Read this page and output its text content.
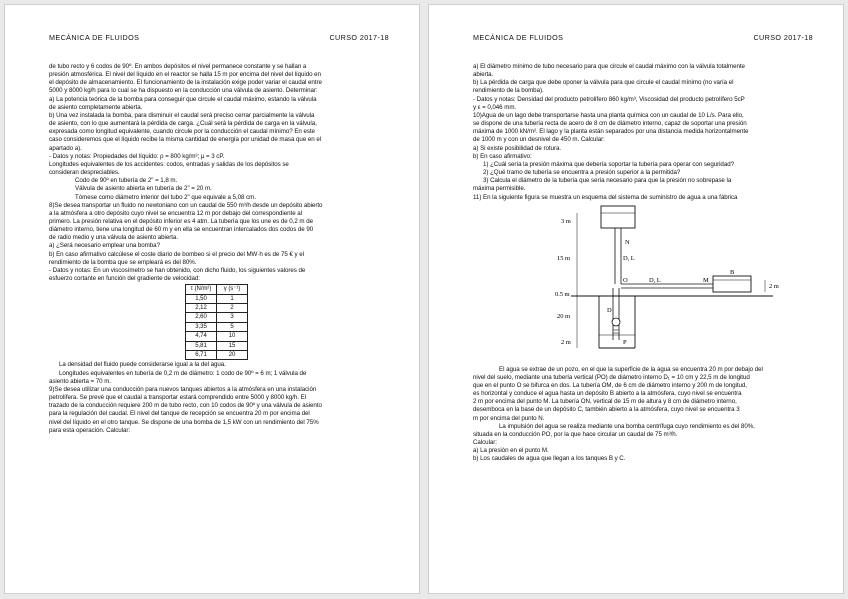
MECÁNICA DE FLUIDOS	CURSO 2017-18

de tubo recto y 6 codos de 90º. En ambos depósitos el nivel permanece constante y se hallan a

presión atmosférica. El nivel del líquido en el reactor se halla 15 m por encima del nivel del líquido en

el depósito de almacenamiento. El funcionamiento de la instalación exige poder variar el caudal entre

5000 y 8000 kg/h para lo cual se ha dispuesto en la conducción una válvula de asiento. Determinar:

a) La potencia teórica de la bomba para conseguir que circule el caudal máximo, estando la válvula

de asiento completamente abierta.

b) Una vez instalada la bomba, para disminuir el caudal será preciso cerrar parcialmente la válvula

de asiento, con lo que aumentará la pérdida de carga. ¿Cuál será la pérdida de carga en la válvula,

expresada como longitud equivalente, cuando circule por la conducción el caudal mínimo? En este

caso consideremos que el líquido recibe la misma cantidad de energía por unidad de masa que en el

apartado a).

- Datos y notas: Propiedades del líquido: ρ = 800 kg/m³; μ = 3 cP.

Longitudes equivalentes de los accidentes: codos, entradas y salidas de los depósitos se

consideran despreciables.

Codo de 90º en tubería de 2" = 1,8 m.

Válvula de asiento abierta en tubería de 2" = 20 m.

Tómese como diámetro interior del tubo 2" que equivale a 5,08 cm.

8)Se desea transportar un fluido no newtoniano con un caudal de 550 m³/h desde un depósito abierto

a la atmósfera a otro depósito cuyo nivel se encuentra 12 m por debajo del correspondiente al

primero. La presión relativa en el depósito inferior es 4 atm. La tubería que los une es de 0,2 m de

diámetro interno, tiene una longitud de 60 m y en ella se encuentran intercalados dos codos de 90

de radio medio y una válvula de asiento abierta.

a) ¿Será necesario emplear una bomba?

b) En caso afirmativo calcúlese el coste diario de bombeo si el precio del MW·h es de 75 € y el

rendimiento de la bomba que se empleará es del 80%.

- Datos y notas: En un viscosímetro se han obtenido, con dicho fluido, los siguientes valores de

esfuerzo cortante en función del gradiente de velocidad:

τ (N/m²)	γ (s⁻¹)
1,50	1
2,12	2
2,60	3
3,35	5
4,74	10
5,81	15
6,71	20

La densidad del fluido puede considerarse igual a la del agua.

Longitudes equivalentes en tubería de 0,2 m de diámetro: 1 codo de 90º = 6 m; 1 válvula de

asiento abierta = 70 m.

9)Se desea utilizar una conducción para nuevos tanques abiertos a la atmósfera en una instalación

petrolífera. Se prevé que el caudal a transportar estará comprendido entre 5000 y 8000 kg/h. El

trazado de la conducción requiere 200 m de tubo recto, con 10 codos de 90º y una válvula de asiento

para la regulación del caudal. El nivel del tanque de recepción se encuentra 20 m por encima del

nivel del líquido en el otro tanque. Se dispone de una bomba de 1,5 kW con un rendimiento del 75%

para esta operación. Calcular:

MECÁNICA DE FLUIDOS	CURSO 2017-18

a) El diámetro mínimo de tubo necesario para que circule el caudal máximo con la válvula totalmente

abierta.

b) La pérdida de carga que debe oponer la válvula para que circule el caudal mínimo (no varía el

rendimiento de la bomba).

- Datos y notas: Densidad del producto petrolífero 860 kg/m³, Viscosidad del producto petrolífero 5cP

y ε = 0,046 mm.

10)Agua de un lago debe transportarse hasta una planta química con un caudal de 10 L/s. Para ello,

se dispone de una tubería recta de acero de 8 cm de diámetro interno, capaz de soportar una presión

máxima de 1000 kN/m². El lago y la planta están separados por una distancia medida horizontalmente

de 1000 m y con un desnivel de 450 m. Calcular:

a) Si existe posibilidad de rotura.

b) En caso afirmativo:

1) ¿Cuál sería la presión máxima que debería soportar la tubería para operar con seguridad?

2) ¿Qué tramo de tubería se encuentra a presión superior a la permitida?

3) Calcula el diámetro de la tubería que sería necesario para que la presión no sobrepase la

máxima permisible.

11) En la siguiente figura se muestra un esquema del sistema de suministro de agua a una fábrica

N
D, L
O	D, L	M
B
3 m
15 m
0.5 m
20 m
2 m
2 m
D
P

El agua se extrae de un pozo, en el que la superficie de la agua se encuentra 20 m por debajo del

nivel del suelo, mediante una tubería vertical (PO) de diámetro interno D₁ = 10 cm y 22,5 m de longitud

que en el punto O se bifurca en dos. La tubería OM, de 6 cm de diámetro interno y 200 m de longitud,

es horizontal y conduce el agua hasta un depósito B abierto a la atmósfera, cuyo nivel se encuentra

2 m por encima del punto M. La tubería ON, vertical de 15 m de altura y 8 cm de diámetro interno,

desemboca en la base de un depósito C, también abierto a la atmósfera, cuyo nivel se encuentra 3

m por encima del punto N.

La impulsión del agua se realiza mediante una bomba centrífuga cuyo rendimiento es del 80%,

situada en la conducción PO, por la que hace circular un caudal de 75 m³/h.

Calcular:

a) La presión en el punto M.

b) Los caudales de agua que llegan a los tanques B y C.
